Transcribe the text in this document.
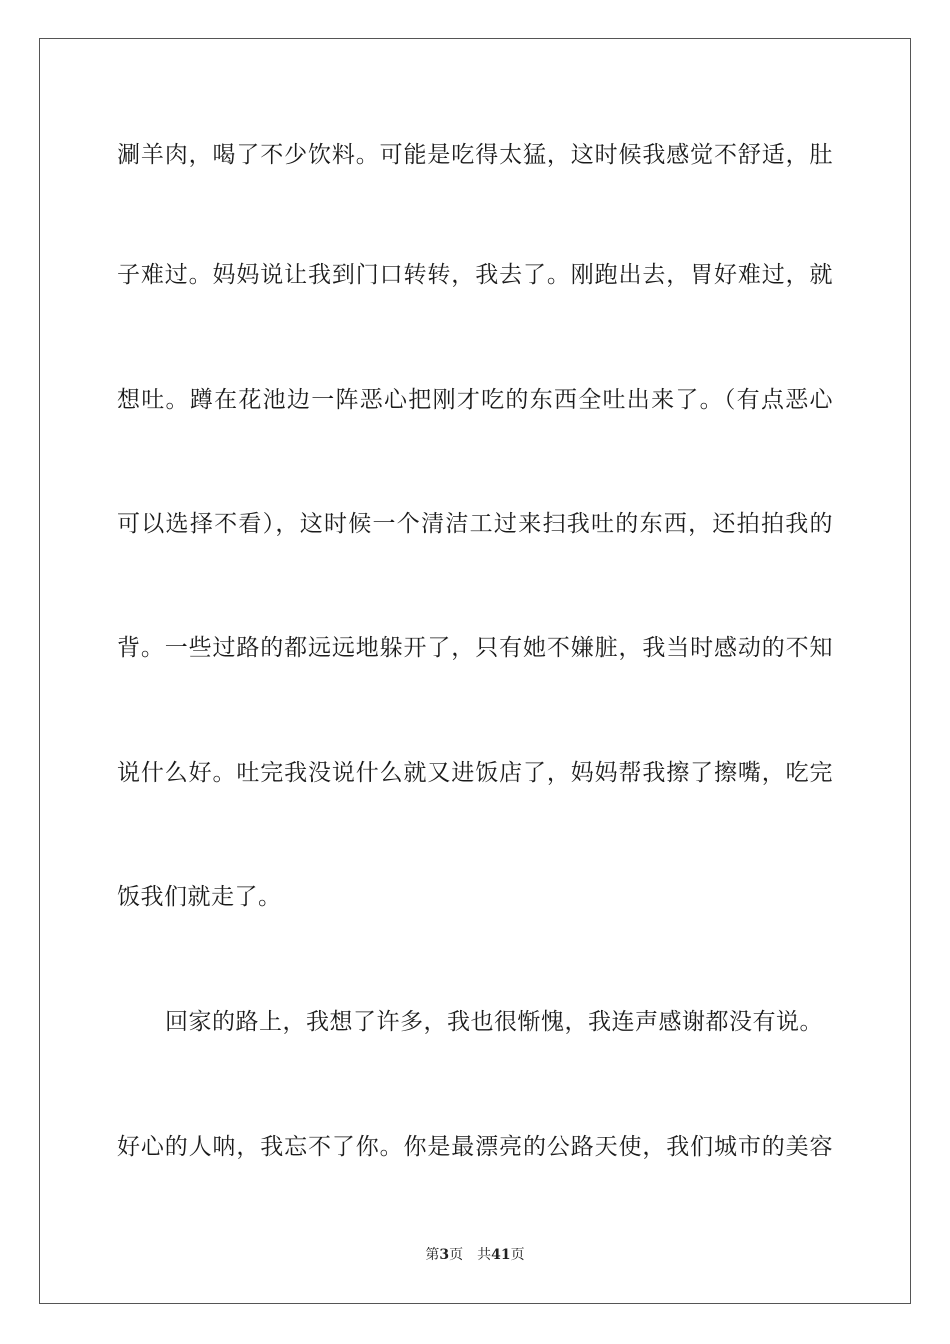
涮羊肉，喝了不少饮料。可能是吃得太猛，这时候我感觉不舒适，肚
子难过。妈妈说让我到门口转转，我去了。刚跑出去，胃好难过，就
想吐。蹲在花池边一阵恶心把刚才吃的东西全吐出来了。（有点恶心
可以选择不看），这时候一个清洁工过来扫我吐的东西，还拍拍我的
背。一些过路的都远远地躲开了，只有她不嫌脏，我当时感动的不知
说什么好。吐完我没说什么就又进饭店了，妈妈帮我擦了擦嘴，吃完
饭我们就走了。
回家的路上，我想了许多，我也很惭愧，我连声感谢都没有说。
好心的人呐，我忘不了你。你是最漂亮的公路天使，我们城市的美容
第3页 共41页
